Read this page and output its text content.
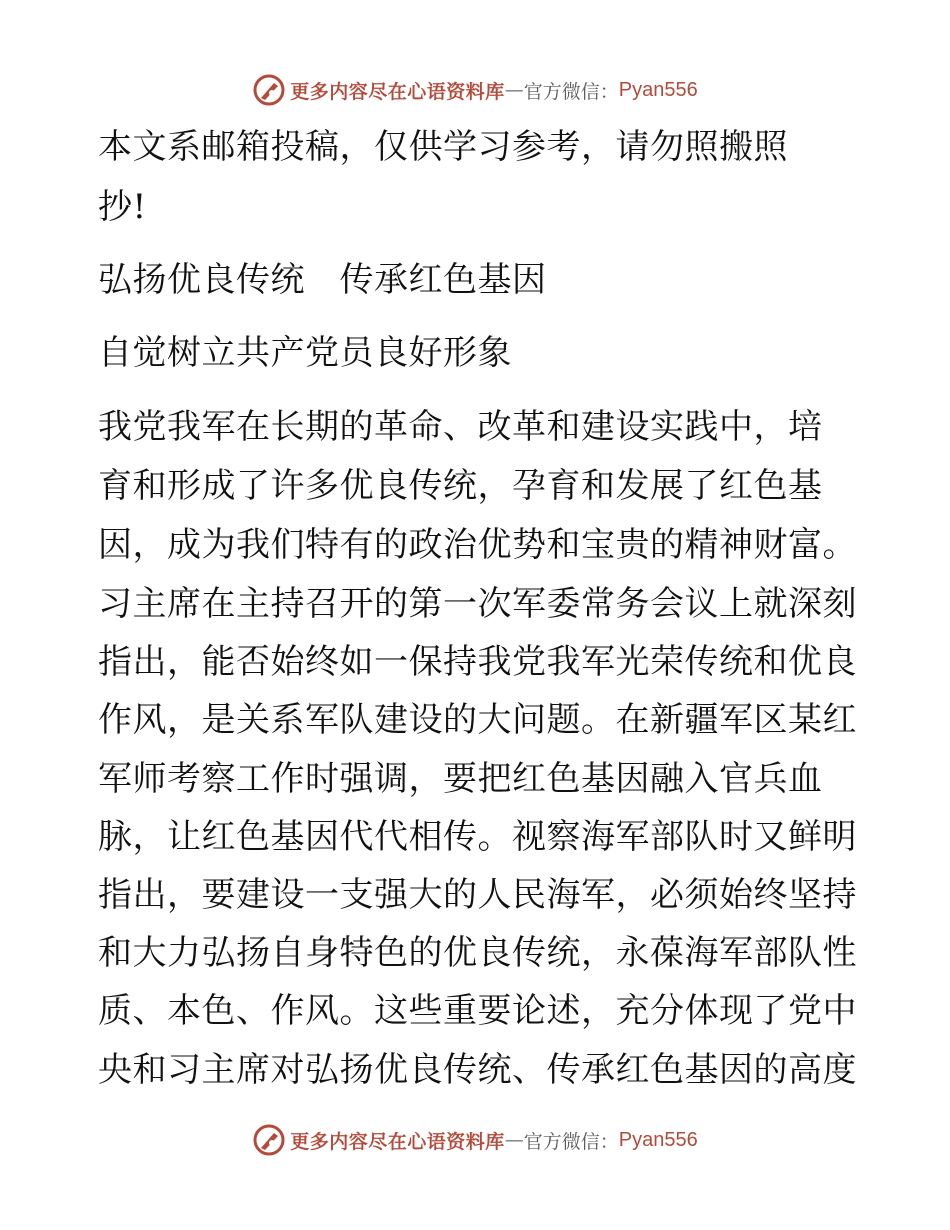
更多内容尽在心语资料库 — 官方微信： Pyan556
本文系邮箱投稿，仅供学习参考，请勿照搬照
抄!
弘扬优良传统　传承红色基因
自觉树立共产党员良好形象
我党我军在长期的革命、改革和建设实践中，培
育和形成了许多优良传统，孕育和发展了红色基
因，成为我们特有的政治优势和宝贵的精神财富。
习主席在主持召开的第一次军委常务会议上就深刻
指出，能否始终如一保持我党我军光荣传统和优良
作风，是关系军队建设的大问题。在新疆军区某红
军师考察工作时强调，要把红色基因融入官兵血
脉，让红色基因代代相传。视察海军部队时又鲜明
指出，要建设一支强大的人民海军，必须始终坚持
和大力弘扬自身特色的优良传统，永葆海军部队性
质、本色、作风。这些重要论述，充分体现了党中
央和习主席对弘扬优良传统、传承红色基因的高度
更多内容尽在心语资料库 — 官方微信： Pyan556
